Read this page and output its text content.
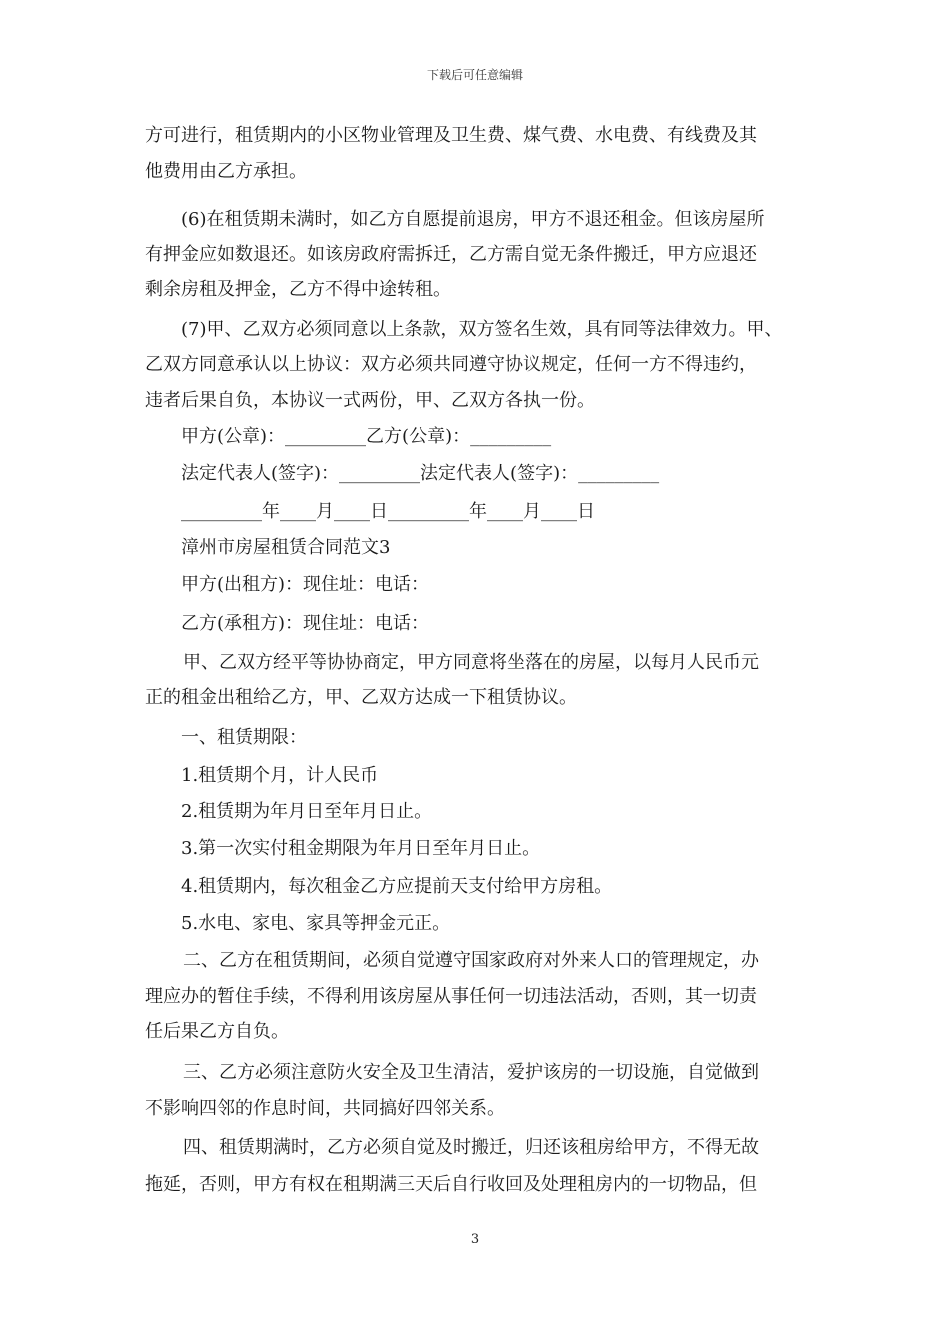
下载后可任意编辑
方可进行，租赁期内的小区物业管理及卫生费、煤气费、水电费、有线费及其
他费用由乙方承担。
(6)在租赁期未满时，如乙方自愿提前退房，甲方不退还租金。但该房屋所
有押金应如数退还。如该房政府需拆迁，乙方需自觉无条件搬迁，甲方应退还
剩余房租及押金，乙方不得中途转租。
(7)甲、乙双方必须同意以上条款，双方签名生效，具有同等法律效力。甲、
乙双方同意承认以上协议：双方必须共同遵守协议规定，任何一方不得违约，
违者后果自负，本协议一式两份，甲、乙双方各执一份。
甲方(公章)：_________乙方(公章)：_________
法定代表人(签字)：_________法定代表人(签字)：_________
_________年____月____日_________年____月____日
漳州市房屋租赁合同范文3
甲方(出租方)：现住址：电话：
乙方(承租方)：现住址：电话：
甲、乙双方经平等协协商定，甲方同意将坐落在的房屋，以每月人民币元
正的租金出租给乙方，甲、乙双方达成一下租赁协议。
一、租赁期限：
1.租赁期个月，计人民币
2.租赁期为年月日至年月日止。
3.第一次实付租金期限为年月日至年月日止。
4.租赁期内，每次租金乙方应提前天支付给甲方房租。
5.水电、家电、家具等押金元正。
二、乙方在租赁期间，必须自觉遵守国家政府对外来人口的管理规定，办
理应办的暂住手续，不得利用该房屋从事任何一切违法活动，否则，其一切责
任后果乙方自负。
三、乙方必须注意防火安全及卫生清洁，爱护该房的一切设施，自觉做到
不影响四邻的作息时间，共同搞好四邻关系。
四、租赁期满时，乙方必须自觉及时搬迁，归还该租房给甲方，不得无故
拖延，否则，甲方有权在租期满三天后自行收回及处理租房内的一切物品，但
3
